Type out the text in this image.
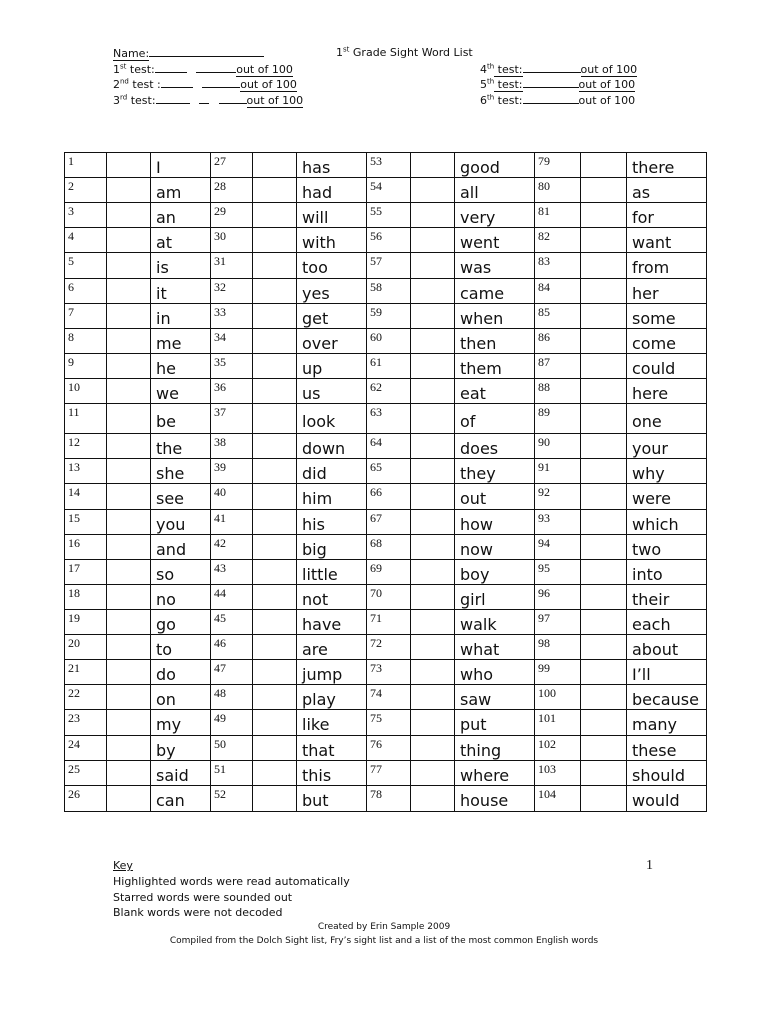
Name:	1st Grade Sight Word List
1st test:	out of 100
2nd test :	out of 100
3rd test:	out of 100
4th test:	out of 100
5th test:	out of 100
6th test:	out of 100
1		I	27		has	53		good	79		there
2		am	28		had	54		all	80		as
3		an	29		will	55		very	81		for
4		at	30		with	56		went	82		want
5		is	31		too	57		was	83		from
6		it	32		yes	58		came	84		her
7		in	33		get	59		when	85		some
8		me	34		over	60		then	86		come
9		he	35		up	61		them	87		could
10		we	36		us	62		eat	88		here
11		be	37		look	63		of	89		one
12		the	38		down	64		does	90		your
13		she	39		did	65		they	91		why
14		see	40		him	66		out	92		were
15		you	41		his	67		how	93		which
16		and	42		big	68		now	94		two
17		so	43		little	69		boy	95		into
18		no	44		not	70		girl	96		their
19		go	45		have	71		walk	97		each
20		to	46		are	72		what	98		about
21		do	47		jump	73		who	99		I’ll
22		on	48		play	74		saw	100		because
23		my	49		like	75		put	101		many
24		by	50		that	76		thing	102		these
25		said	51		this	77		where	103		should
26		can	52		but	78		house	104		would
Key
Highlighted words were read automatically
Starred words were sounded out
Blank words were not decoded
1
Created by Erin Sample 2009
Compiled from the Dolch Sight list, Fry’s sight list and a list of the most common English words
